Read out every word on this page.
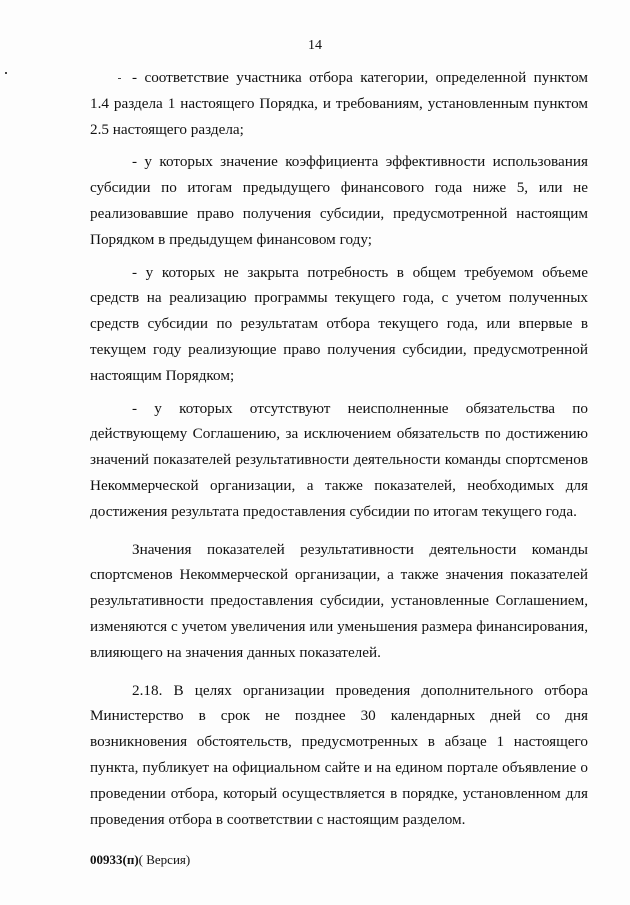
14

- соответствие участника отбора категории, определенной пунктом 1.4 раздела 1 настоящего Порядка, и требованиям, установленным пунктом 2.5 настоящего раздела;

- у которых значение коэффициента эффективности использования субсидии по итогам предыдущего финансового года ниже 5, или не реализовавшие право получения субсидии, предусмотренной настоящим Порядком в предыдущем финансовом году;

- у которых не закрыта потребность в общем требуемом объеме средств на реализацию программы текущего года, с учетом полученных средств субсидии по результатам отбора текущего года, или впервые в текущем году реализующие право получения субсидии, предусмотренной настоящим Порядком;

- у которых отсутствуют неисполненные обязательства по действующему Соглашению, за исключением обязательств по достижению значений показателей результативности деятельности команды спортсменов Некоммерческой организации, а также показателей, необходимых для достижения результата предоставления субсидии по итогам текущего года.

Значения показателей результативности деятельности команды спортсменов Некоммерческой организации, а также значения показателей результативности предоставления субсидии, установленные Соглашением, изменяются с учетом увеличения или уменьшения размера финансирования, влияющего на значения данных показателей.

2.18. В целях организации проведения дополнительного отбора Министерство в срок не позднее 30 календарных дней со дня возникновения обстоятельств, предусмотренных в абзаце 1 настоящего пункта, публикует на официальном сайте и на едином портале объявление о проведении отбора, который осуществляется в порядке, установленном для проведения отбора в соответствии с настоящим разделом.

00933(п)( Версия)
